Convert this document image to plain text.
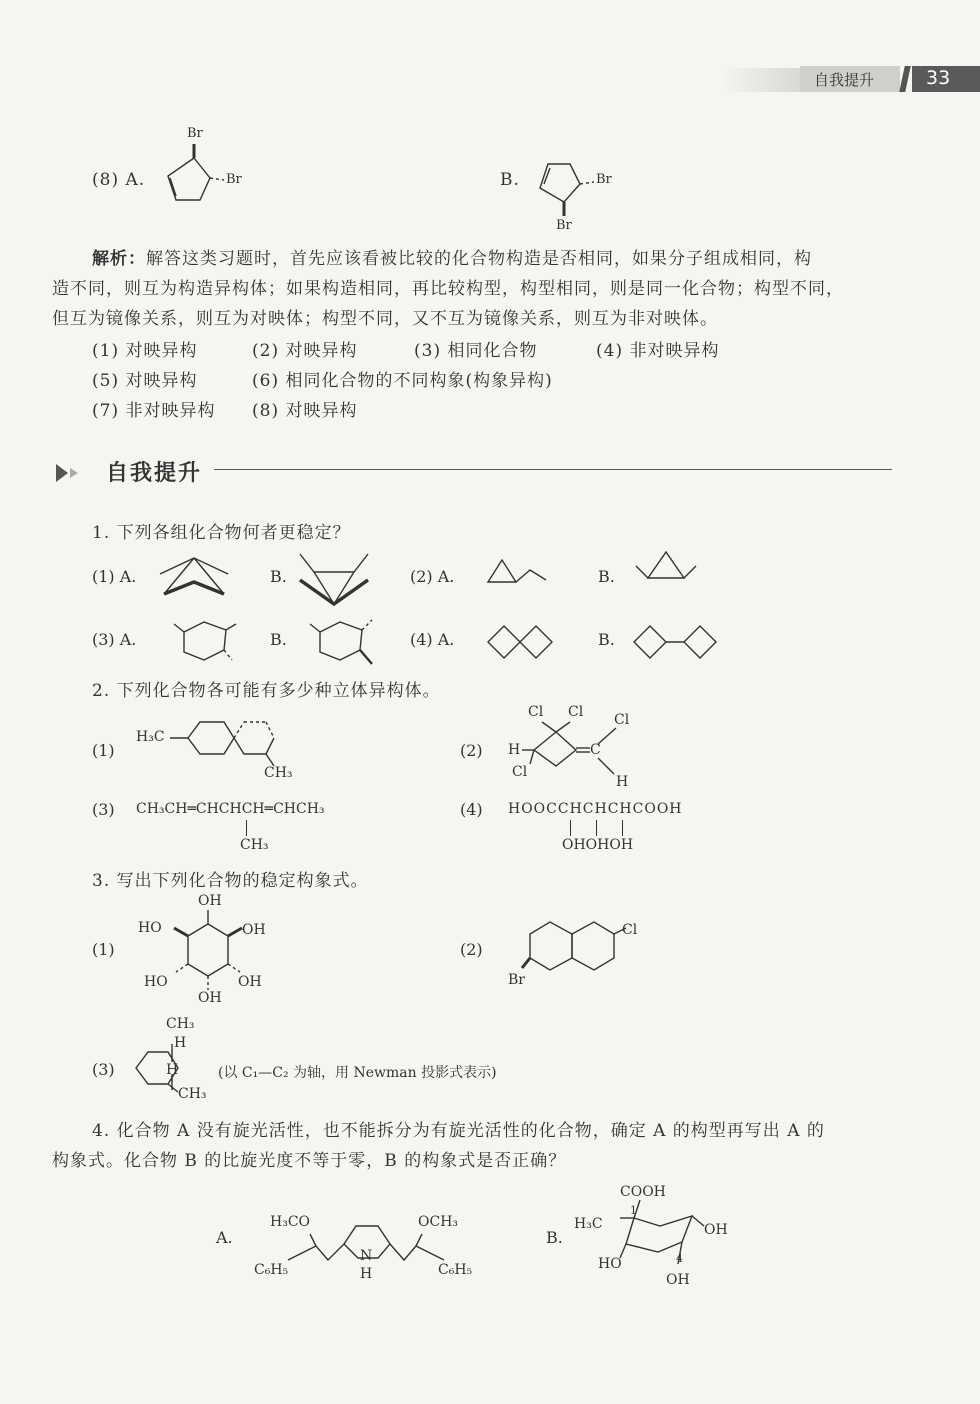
自我提升	33
(8) A.
Br
Br	B.	Br
Br
解析： 解答这类习题时，首先应该看被比较的化合物构造是否相同，如果分子组成相同，构
造不同，则互为构造异构体；如果构造相同，再比较构型，构型相同，则是同一化合物；构型不同，
但互为镜像关系，则互为对映体；构型不同，又不互为镜像关系，则互为非对映体。
(1) 对映异构	(2) 对映异构	(3) 相同化合物	(4) 非对映异构
(5) 对映异构	(6) 相同化合物的不同构象(构象异构)
(7) 非对映异构 (8) 对映异构
自我提升
1. 下列各组化合物何者更稳定？
(1) A.	B.	(2) A.	B.
(3) A.	B.	(4) A.	B.
2. 下列化合物各可能有多少种立体异构体。
(1)
H₃C
CH₃
(2)
Cl Cl Cl
H
Cl
C
H
(3) CH₃CH═CHCHCH═CHCH₃
CH₃
(4) HOOCCHCHCHCOOH
OHOHOH
3. 写出下列化合物的稳定构象式。
(1)
OH
HO	OH
HO	OH
OH
(2)
Cl
Br
(3)
CH₃
H
H
CH₃
(以 C₁—C₂ 为轴，用 Newman 投影式表示)
4. 化合物 A 没有旋光活性，也不能拆分为有旋光活性的化合物，确定 A 的构型再写出 A 的
构象式。化合物 B 的比旋光度不等于零，B 的构象式是否正确？
A.
H₃CO	OCH₃
C₆H₅	C₆H₅
N
H
B.
COOH
H₃C
1
OH
4
HO
OH
